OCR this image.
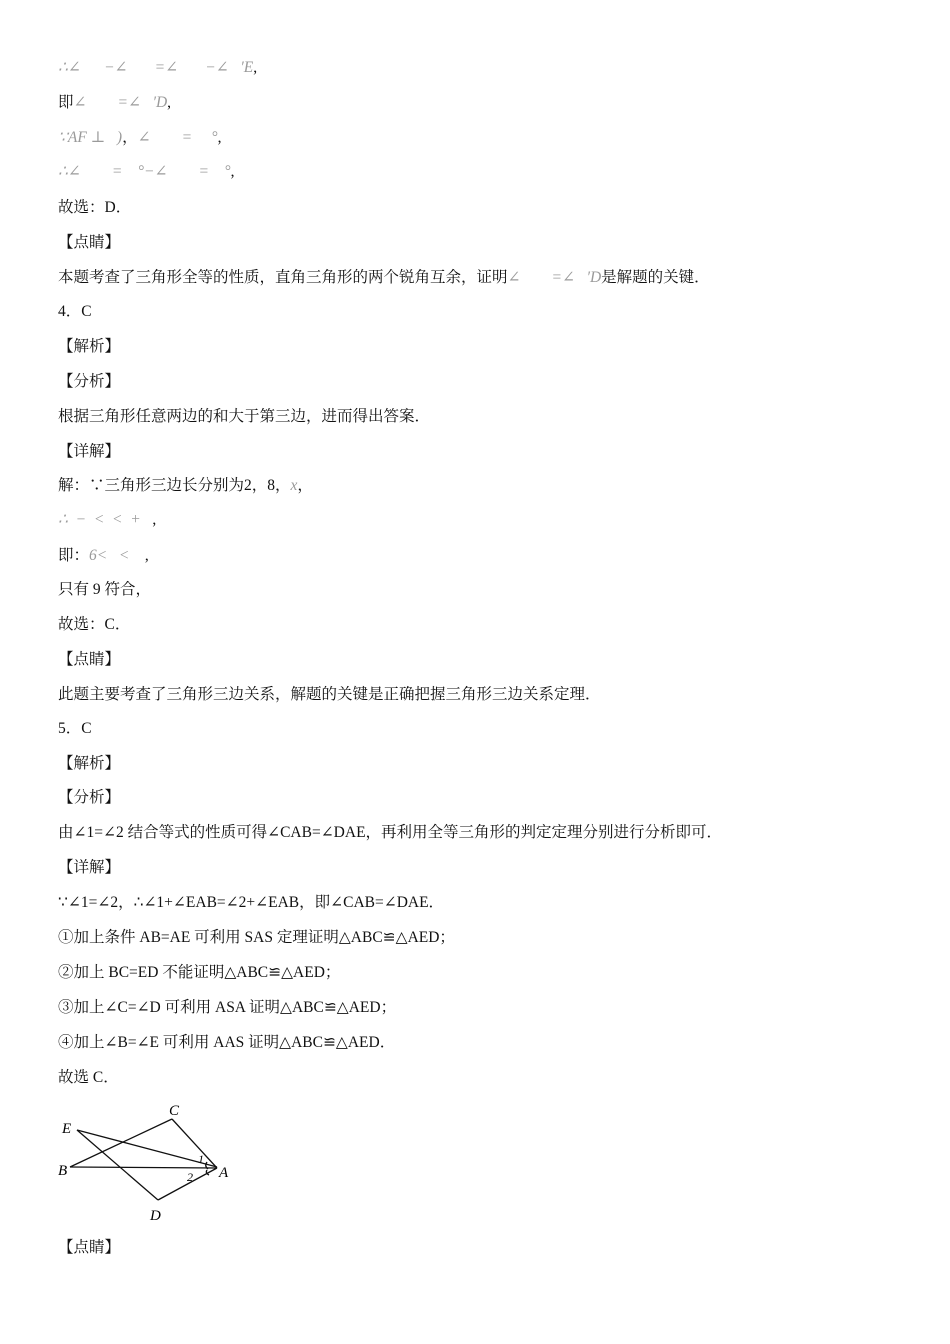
∴∠      −∠       =∠       −∠   ′E,
即∠        =∠   ′D,
∵AF ⊥   )，∠        =     °,
∴∠        =    °−∠        =    °,
故选：D．
【点睛】
本题考查了三角形全等的性质，直角三角形的两个锐角互余，证明∠        =∠   ′D是解题的关键．
4．C
【解析】
【分析】
根据三角形任意两边的和大于第三边，进而得出答案．
【详解】
解：∵三角形三边长分别为2，8，x，
∴  −  <  <  +   ,
即：6<   <    ,
只有 9 符合，
故选：C．
【点睛】
此题主要考查了三角形三边关系，解题的关键是正确把握三角形三边关系定理．
5．C
【解析】
【分析】
由∠1=∠2 结合等式的性质可得∠CAB=∠DAE，再利用全等三角形的判定定理分别进行分析即可．
【详解】
∵∠1=∠2，∴∠1+∠EAB=∠2+∠EAB，即∠CAB=∠DAE．
①加上条件 AB=AE 可利用 SAS 定理证明△ABC≌△AED；
②加上 BC=ED 不能证明△ABC≌△AED；
③加上∠C=∠D 可利用 ASA 证明△ABC≌△AED；
④加上∠B=∠E 可利用 AAS 证明△ABC≌△AED．
故选 C．
C
E
B	A
D
1
2
【点睛】
